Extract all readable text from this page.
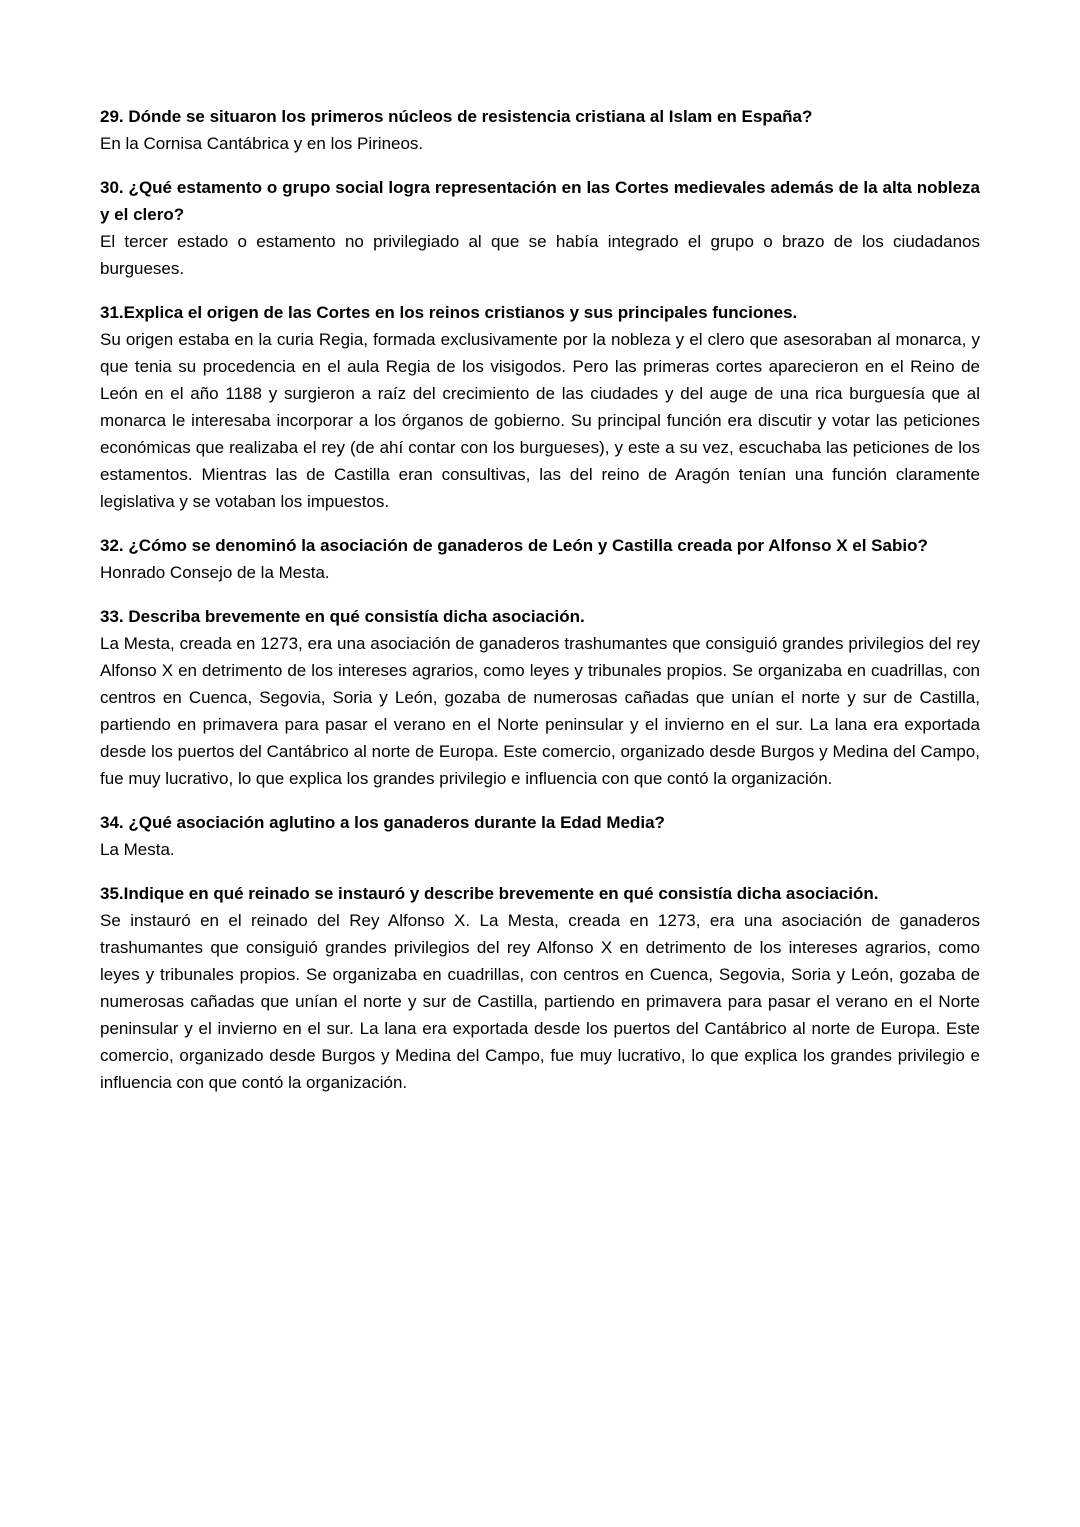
29. Dónde se situaron los primeros núcleos de resistencia cristiana al Islam en España?

En la Cornisa Cantábrica y en los Pirineos.

30. ¿Qué estamento o grupo social logra representación en las Cortes medievales además de la alta nobleza y el clero?

El tercer estado o estamento no privilegiado al que se había integrado el grupo o brazo de los ciudadanos burgueses.

31.Explica el origen de las Cortes en los reinos cristianos y sus principales funciones.

Su origen estaba en la curia Regia, formada exclusivamente por la nobleza y el clero que asesoraban al monarca, y que tenia su procedencia en el aula Regia de los visigodos. Pero las primeras cortes aparecieron en el Reino de León en el año 1188 y surgieron a raíz del crecimiento de las ciudades y del auge de una rica burguesía que al monarca le interesaba incorporar a los órganos de gobierno. Su principal función era discutir y votar las peticiones económicas que realizaba el rey (de ahí contar con los burgueses), y este a su vez, escuchaba las peticiones de los estamentos. Mientras las de Castilla eran consultivas, las del reino de Aragón tenían una función claramente legislativa y se votaban los impuestos.

32. ¿Cómo se denominó la asociación de ganaderos de León y Castilla creada por Alfonso X el Sabio?

Honrado Consejo de la Mesta.

33. Describa brevemente en qué consistía dicha asociación.

La Mesta, creada en 1273, era una asociación de ganaderos trashumantes que consiguió grandes privilegios del rey Alfonso X en detrimento de los intereses agrarios, como leyes y tribunales propios. Se organizaba en cuadrillas, con centros en Cuenca, Segovia, Soria y León, gozaba de numerosas cañadas que unían el norte y sur de Castilla, partiendo en primavera para pasar el verano en el Norte peninsular y el invierno en el sur. La lana era exportada desde los puertos del Cantábrico al norte de Europa. Este comercio, organizado desde Burgos y Medina del Campo, fue muy lucrativo, lo que explica los grandes privilegio e influencia con que contó la organización.

34. ¿Qué asociación aglutino a los ganaderos durante la Edad Media?

La Mesta.

35.Indique en qué reinado se instauró y describe brevemente en qué consistía dicha asociación.

Se instauró en el reinado del Rey Alfonso X. La Mesta, creada en 1273, era una asociación de ganaderos trashumantes que consiguió grandes privilegios del rey Alfonso X en detrimento de los intereses agrarios, como leyes y tribunales propios. Se organizaba en cuadrillas, con centros en Cuenca, Segovia, Soria y León, gozaba de numerosas cañadas que unían el norte y sur de Castilla, partiendo en primavera para pasar el verano en el Norte peninsular y el invierno en el sur. La lana era exportada desde los puertos del Cantábrico al norte de Europa. Este comercio, organizado desde Burgos y Medina del Campo, fue muy lucrativo, lo que explica los grandes privilegio e influencia con que contó la organización.
